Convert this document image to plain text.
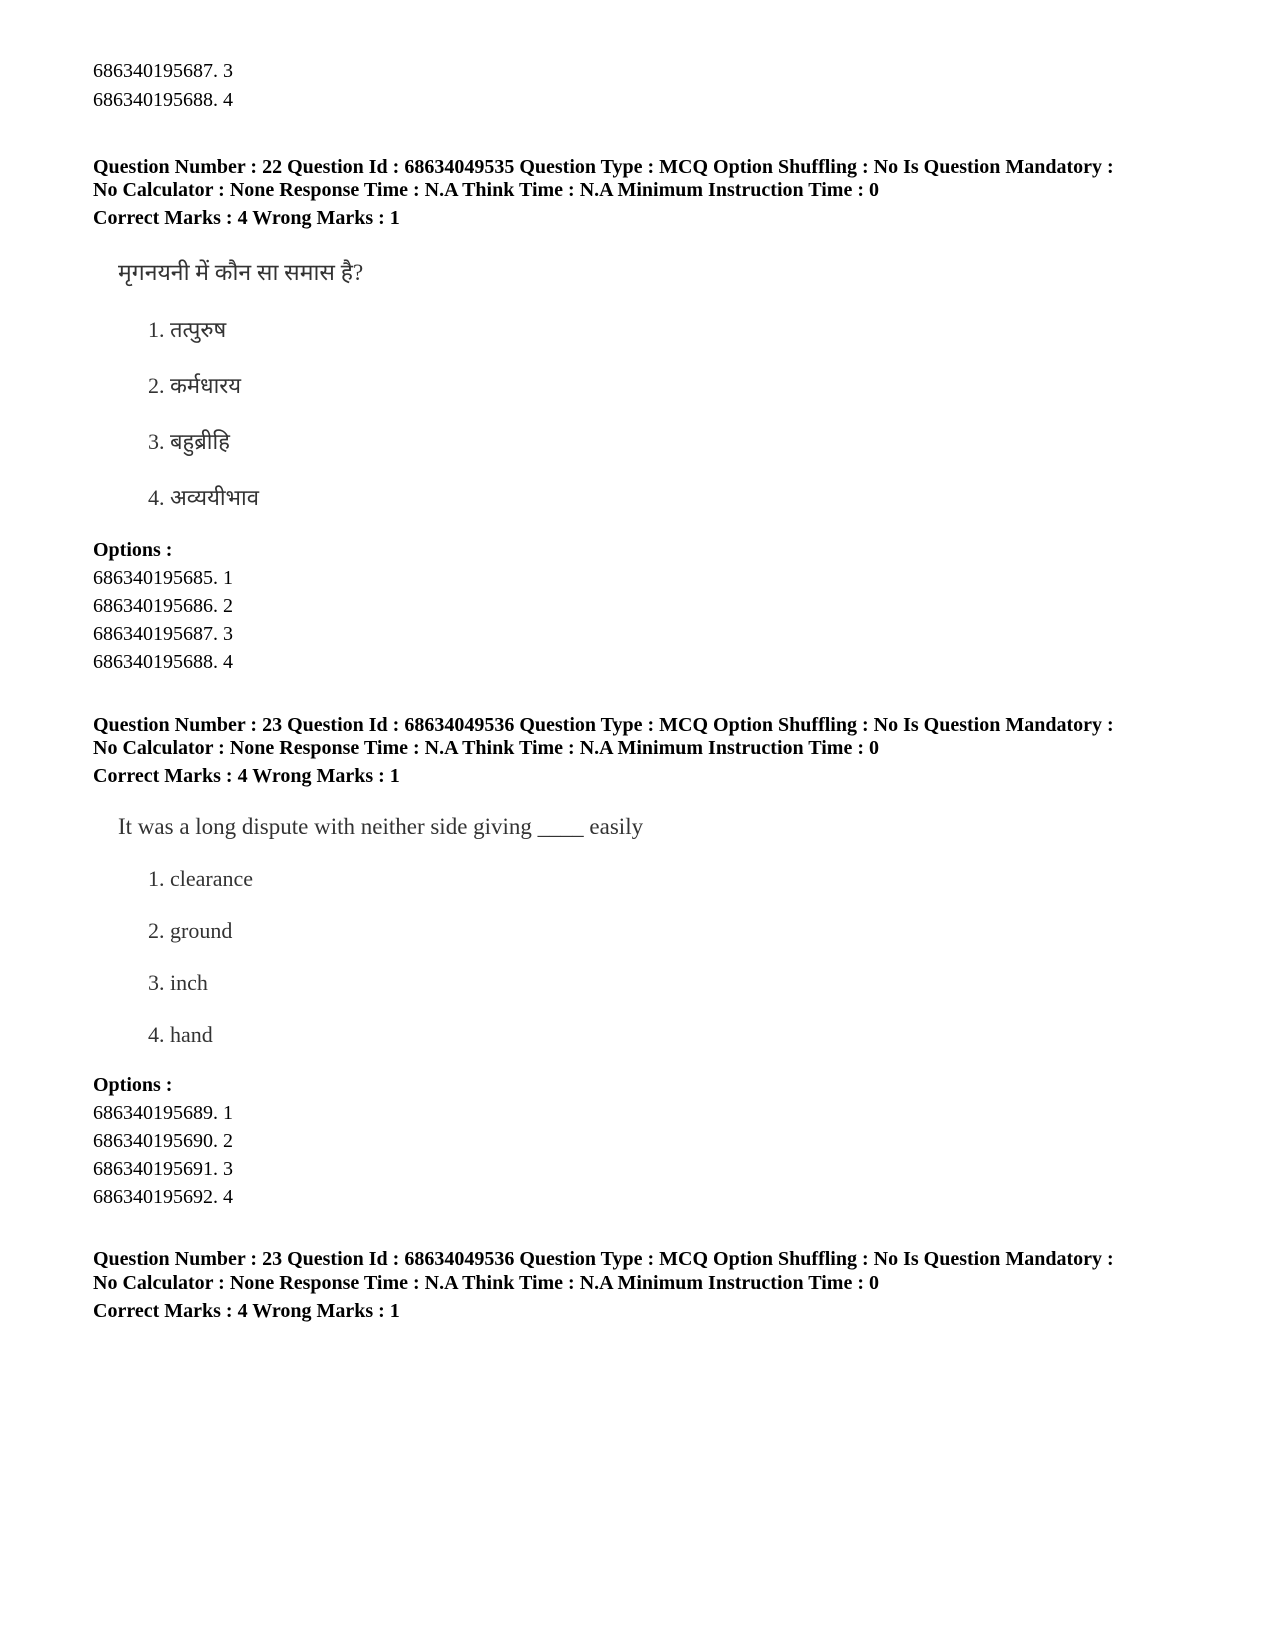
686340195687. 3
686340195688. 4
Question Number : 22 Question Id : 68634049535 Question Type : MCQ Option Shuffling : No Is Question Mandatory :
No Calculator : None Response Time : N.A Think Time : N.A Minimum Instruction Time : 0
Correct Marks : 4 Wrong Marks : 1
मृगनयनी में कौन सा समास है?
1. तत्पुरुष
2. कर्मधारय
3. बहुब्रीहि
4. अव्ययीभाव
Options :
686340195685. 1
686340195686. 2
686340195687. 3
686340195688. 4
Question Number : 23 Question Id : 68634049536 Question Type : MCQ Option Shuffling : No Is Question Mandatory :
No Calculator : None Response Time : N.A Think Time : N.A Minimum Instruction Time : 0
Correct Marks : 4 Wrong Marks : 1
It was a long dispute with neither side giving ____ easily
1. clearance
2. ground
3. inch
4. hand
Options :
686340195689. 1
686340195690. 2
686340195691. 3
686340195692. 4
Question Number : 23 Question Id : 68634049536 Question Type : MCQ Option Shuffling : No Is Question Mandatory :
No Calculator : None Response Time : N.A Think Time : N.A Minimum Instruction Time : 0
Correct Marks : 4 Wrong Marks : 1
